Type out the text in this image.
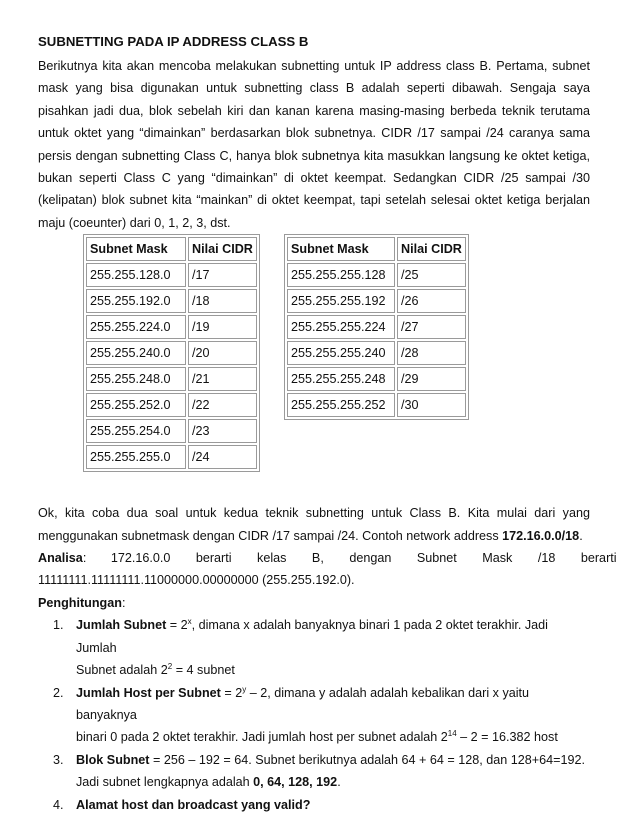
SUBNETTING PADA IP ADDRESS CLASS B

Berikutnya kita akan mencoba melakukan subnetting untuk IP address class B. Pertama, subnet
mask yang bisa digunakan untuk subnetting class B adalah seperti dibawah. Sengaja saya
pisahkan jadi dua, blok sebelah kiri dan kanan karena masing-masing berbeda teknik terutama
untuk oktet yang “dimainkan” berdasarkan blok subnetnya. CIDR /17 sampai /24 caranya sama
persis dengan subnetting Class C, hanya blok subnetnya kita masukkan langsung ke oktet ketiga,
bukan seperti Class C yang “dimainkan” di oktet keempat. Sedangkan CIDR /25 sampai /30
(kelipatan) blok subnet kita “mainkan” di oktet keempat, tapi setelah selesai oktet ketiga berjalan
maju (coeunter) dari 0, 1, 2, 3, dst.

Subnet Mask	Nilai CIDR
255.255.128.0	/17
255.255.192.0	/18
255.255.224.0	/19
255.255.240.0	/20
255.255.248.0	/21
255.255.252.0	/22
255.255.254.0	/23
255.255.255.0	/24
Subnet Mask	Nilai CIDR
255.255.255.128	/25
255.255.255.192	/26
255.255.255.224	/27
255.255.255.240	/28
255.255.255.248	/29
255.255.255.252	/30

Ok, kita coba dua soal untuk kedua teknik subnetting untuk Class B. Kita mulai dari yang
menggunakan subnetmask dengan CIDR /17 sampai /24. Contoh network address 172.16.0.0/18.
Analisa: 172.16.0.0 berarti kelas B, dengan Subnet Mask /18 berarti
11111111.11111111.11000000.00000000 (255.255.192.0).
Penghitungan:

1. Jumlah Subnet = $2^x$, dimana x adalah banyaknya binari 1 pada 2 oktet terakhir. Jadi Jumlah
Subnet adalah $2^2 = 4$ subnet
2. Jumlah Host per Subnet = $2^y - 2$, dimana y adalah adalah kebalikan dari x yaitu banyaknya
binari 0 pada 2 oktet terakhir. Jadi jumlah host per subnet adalah $2^{14} - 2 = 16.382$ host
3. Blok Subnet = 256 – 192 = 64. Subnet berikutnya adalah 64 + 64 = 128, dan 128+64=192.
Jadi subnet lengkapnya adalah 0, 64, 128, 192.
4. Alamat host dan broadcast yang valid?
